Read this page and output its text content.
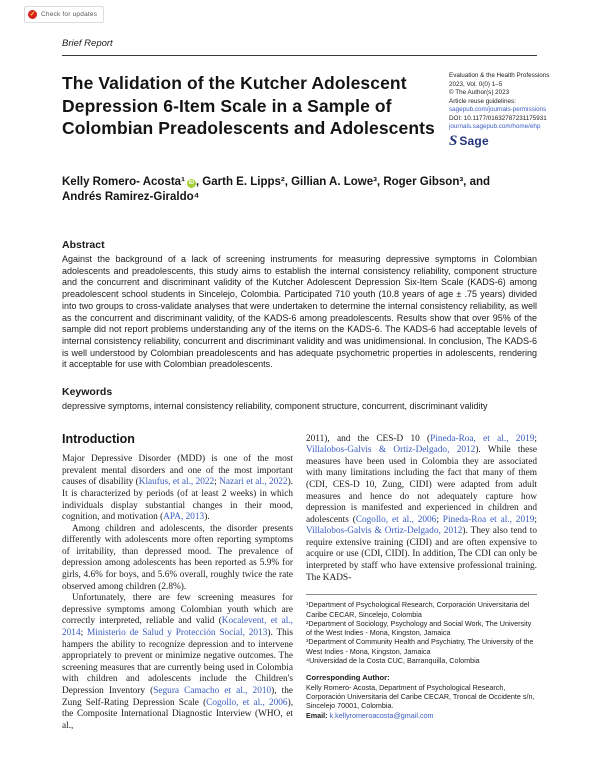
✓ Check for updates
Brief Report
The Validation of the Kutcher Adolescent Depression 6-Item Scale in a Sample of Colombian Preadolescents and Adolescents
Evaluation & the Health Professions
2023, Vol. 0(0) 1–5
© The Author(s) 2023
Article reuse guidelines:
sagepub.com/journals-permissions
DOI: 10.1177/01632787231175931
journals.sagepub.com/home/ehp
S Sage
Kelly Romero- Acosta¹ iD , Garth E. Lipps², Gillian A. Lowe³, Roger Gibson³, and
Andrés Ramirez-Giraldo⁴
Abstract
Against the background of a lack of screening instruments for measuring depressive symptoms in Colombian adolescents and preadolescents, this study aims to establish the internal consistency reliability, component structure and the concurrent and discriminant validity of the Kutcher Adolescent Depression Six-Item Scale (KADS-6) among preadolescent school students in Sincelejo, Colombia. Participated 710 youth (10.8 years of age ± .75 years) divided into two groups to cross-validate analyses that were undertaken to determine the internal consistency reliability, as well as the concurrent and discriminant validity, of the KADS-6 among preadolescents. Results show that over 95% of the sample did not report problems understanding any of the items on the KADS-6. The KADS-6 had acceptable levels of internal consistency reliability, concurrent and discriminant validity and was unidimensional. In conclusion, The KADS-6 is well understood by Colombian preadolescents and has adequate psychometric properties in adolescents, rendering it acceptable for use with Colombian preadolescents.
Keywords
depressive symptoms, internal consistency reliability, component structure, concurrent, discriminant validity
Introduction

Major Depressive Disorder (MDD) is one of the most prevalent mental disorders and one of the most important causes of disability (Klaufus, et al., 2022; Nazari et al., 2022). It is characterized by periods (of at least 2 weeks) in which individuals display substantial changes in their mood, cognition, and motivation (APA, 2013).

Among children and adolescents, the disorder presents differently with adolescents more often reporting symptoms of irritability, than depressed mood. The prevalence of depression among adolescents has been reported as 5.9% for girls, 4.6% for boys, and 5.6% overall, roughly twice the rate observed among children (2.8%).

Unfortunately, there are few screening measures for depressive symptoms among Colombian youth which are correctly interpreted, reliable and valid (Kocalevent, et al., 2014; Ministerio de Salud y Protección Social, 2013). This hampers the ability to recognize depression and to intervene appropriately to prevent or minimize negative outcomes. The screening measures that are currently being used in Colombia with children and adolescents include the Children's Depression Inventory (Segura Camacho et al., 2010), the Zung Self-Rating Depression Scale (Cogollo, et al., 2006), the Composite International Diagnostic Interview (WHO, et al.,

2011), and the CES-D 10 (Pineda-Roa, et al., 2019; Villalobos-Galvis & Ortiz-Delgado, 2012). While these measures have been used in Colombia they are associated with many limitations including the fact that many of them (CDI, CES-D 10, Zung, CIDI) were adapted from adult measures and hence do not adequately capture how depression is manifested and experienced in children and adolescents (Cogollo, et al., 2006; Pineda-Roa et al., 2019; Villalobos-Galvis & Ortiz-Delgado, 2012). They also tend to require extensive training (CIDI) and are often expensive to acquire or use (CDI, CIDI). In addition, The CDI can only be interpreted by staff who have extensive professional training. The KADS-

¹Department of Psychological Research, Corporación Universitaria del Caribe CECAR, Sincelejo, Colombia
²Department of Sociology, Psychology and Social Work, The University of the West Indies - Mona, Kingston, Jamaica
³Department of Community Health and Psychiatry, The University of the West Indies - Mona, Kingston, Jamaica
⁴Universidad de la Costa CUC, Barranquilla, Colombia
Corresponding Author:
Kelly Romero- Acosta, Department of Psychological Research, Corporación Universitaria del Caribe CECAR, Troncal de Occidente s/n, Sincelejo 70001, Colombia.
Email: k.kellyromeroacosta@gmail.com
